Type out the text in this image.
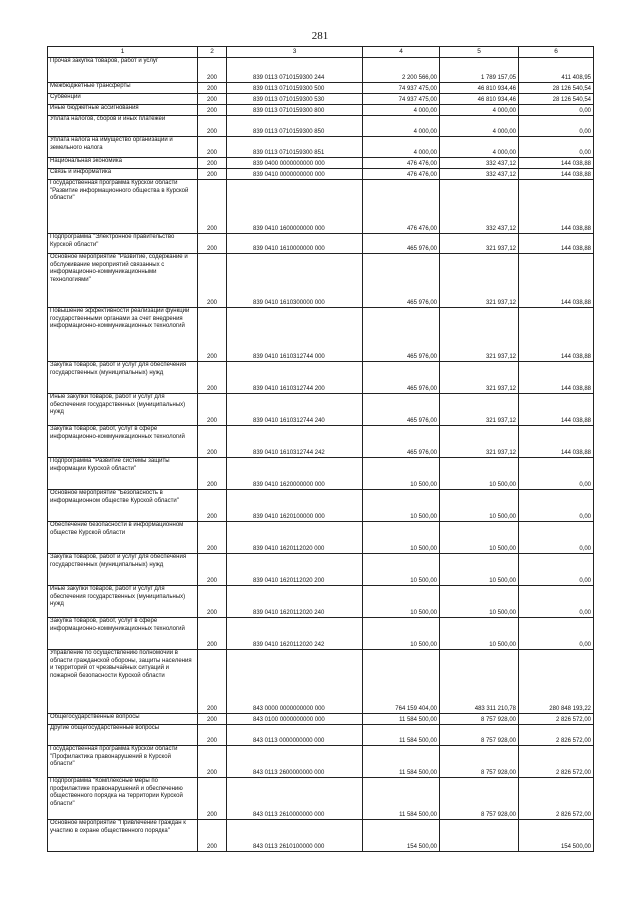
281
1	2	3	4	5	6
Прочая закупка товаров, работ и услуг	200	839 0113 0710159300 244	2 200 566,00	1 789 157,05	411 408,95
Межбюджетные трансферты	200	839 0113 0710159300 500	74 937 475,00	46 810 934,46	28 126 540,54
Субвенции	200	839 0113 0710159300 530	74 937 475,00	46 810 934,46	28 126 540,54
Иные бюджетные ассигнования	200	839 0113 0710159300 800	4 000,00	4 000,00	0,00
Уплата налогов, сборов и иных платежей	200	839 0113 0710159300 850	4 000,00	4 000,00	0,00
Уплата налога на имущество организаций и земельного налога	200	839 0113 0710159300 851	4 000,00	4 000,00	0,00
Национальная экономика	200	839 0400 0000000000 000	476 476,00	332 437,12	144 038,88
Связь и информатика	200	839 0410 0000000000 000	476 476,00	332 437,12	144 038,88
Государственная программа Курской области "Развитие информационного общества в Курской области"	200	839 0410 1600000000 000	476 476,00	332 437,12	144 038,88
Подпрограмма "Электронное правительство Курской области"	200	839 0410 1610000000 000	465 976,00	321 937,12	144 038,88
Основное мероприятие "Развитие, содержание и обслуживание мероприятий связанных с информационно-коммуникационными технологиями"	200	839 0410 1610300000 000	465 976,00	321 937,12	144 038,88
Повышение эффективности реализации функций государственными органами за счет внедрения информационно-коммуникационных технологий	200	839 0410 1610312744 000	465 976,00	321 937,12	144 038,88
Закупка товаров, работ и услуг для обеспечения государственных (муниципальных) нужд	200	839 0410 1610312744 200	465 976,00	321 937,12	144 038,88
Иные закупки товаров, работ и услуг для обеспечения государственных (муниципальных) нужд	200	839 0410 1610312744 240	465 976,00	321 937,12	144 038,88
Закупка товаров, работ, услуг в сфере информационно-коммуникационных технологий	200	839 0410 1610312744 242	465 976,00	321 937,12	144 038,88
Подпрограмма "Развитие системы защиты информации Курской области"	200	839 0410 1620000000 000	10 500,00	10 500,00	0,00
Основное мероприятие "Безопасность в информационном обществе Курской области"	200	839 0410 1620100000 000	10 500,00	10 500,00	0,00
Обеспечение безопасности в информационном обществе Курской области	200	839 0410 1620112020 000	10 500,00	10 500,00	0,00
Закупка товаров, работ и услуг для обеспечения государственных (муниципальных) нужд	200	839 0410 1620112020 200	10 500,00	10 500,00	0,00
Иные закупки товаров, работ и услуг для обеспечения государственных (муниципальных) нужд	200	839 0410 1620112020 240	10 500,00	10 500,00	0,00
Закупка товаров, работ, услуг в сфере информационно-коммуникационных технологий	200	839 0410 1620112020 242	10 500,00	10 500,00	0,00
Управление по осуществлению полномочий в области гражданской обороны, защиты населения и территорий от чрезвычайных ситуаций и пожарной безопасности Курской области	200	843 0000 0000000000 000	764 159 404,00	483 311 210,78	280 848 193,22
Общегосударственные вопросы	200	843 0100 0000000000 000	11 584 500,00	8 757 928,00	2 826 572,00
Другие общегосударственные вопросы	200	843 0113 0000000000 000	11 584 500,00	8 757 928,00	2 826 572,00
Государственная программа Курской области "Профилактика правонарушений в Курской области"	200	843 0113 2600000000 000	11 584 500,00	8 757 928,00	2 826 572,00
Подпрограмма "Комплексные меры по профилактике правонарушений и обеспечению общественного порядка на территории Курской области"	200	843 0113 2610000000 000	11 584 500,00	8 757 928,00	2 826 572,00
Основное мероприятие "Привлечение граждан к участию в охране общественного порядка"	200	843 0113 2610100000 000	154 500,00		154 500,00
